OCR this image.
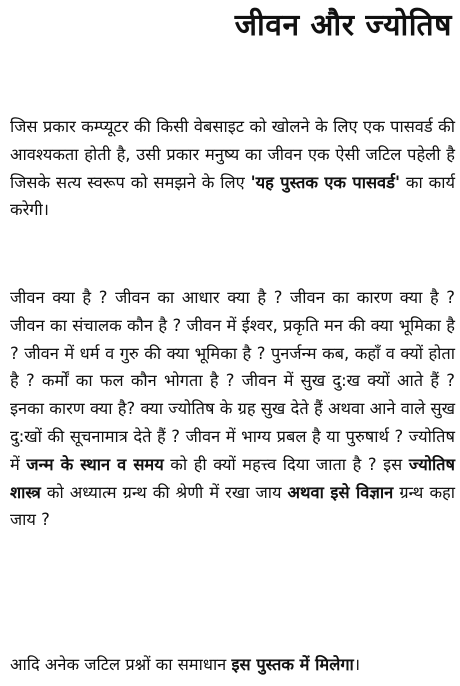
जीवन और ज्योतिष
जिस प्रकार कम्प्यूटर की किसी वेबसाइट को खोलने के लिए एक पासवर्ड की आवश्यकता होती है, उसी प्रकार मनुष्य का जीवन एक ऐसी जटिल पहेली है जिसके सत्य स्वरूप को समझने के लिए 'यह पुस्तक एक पासवर्ड' का कार्य करेगी।
जीवन क्या है ? जीवन का आधार क्या है ? जीवन का कारण क्या है ? जीवन का संचालक कौन है ? जीवन में ईश्वर, प्रकृति मन की क्या भूमिका है ? जीवन में धर्म व गुरु की क्या भूमिका है ? पुनर्जन्म कब, कहाँ व क्यों होता है ? कर्मों का फल कौन भोगता है ? जीवन में सुख दु:ख क्यों आते हैं ? इनका कारण क्या है? क्या ज्योतिष के ग्रह सुख देते हैं अथवा आने वाले सुख दु:खों की सूचनामात्र देते हैं ? जीवन में भाग्य प्रबल है या पुरुषार्थ ? ज्योतिष में जन्म के स्थान व समय को ही क्यों महत्त्व दिया जाता है ? इस ज्योतिष शास्त्र को अध्यात्म ग्रन्थ की श्रेणी में रखा जाय अथवा इसे विज्ञान ग्रन्थ कहा जाय ?
आदि अनेक जटिल प्रश्नों का समाधान इस पुस्तक में मिलेगा।
